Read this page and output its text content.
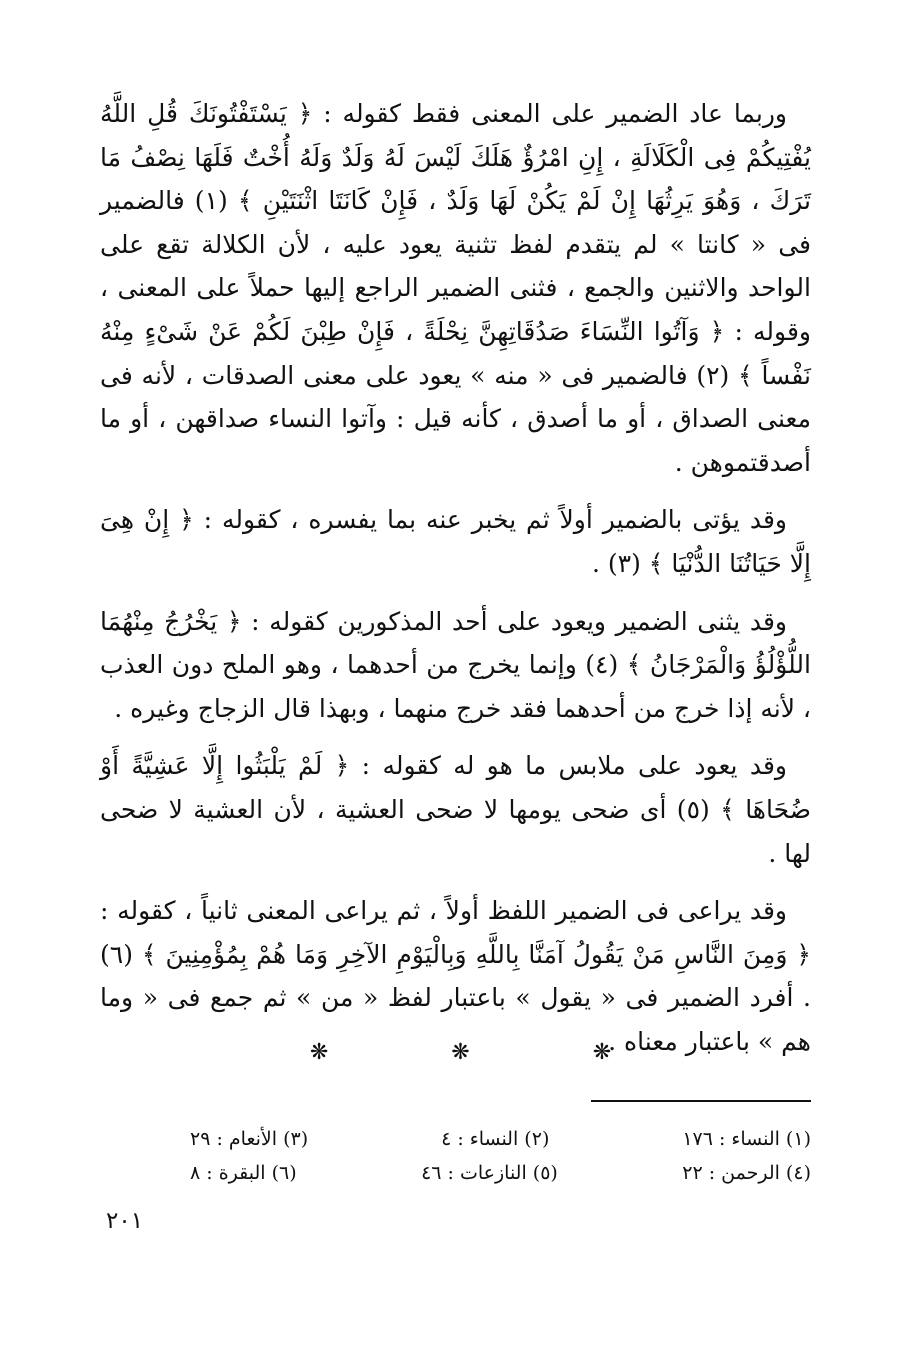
وربما عاد الضمير على المعنى فقط كقوله : ﴿ يَسْتَفْتُونَكَ قُلِ اللَّهُ يُفْتِيكُمْ فِى الْكَلَالَةِ ، إِنِ امْرُؤٌ هَلَكَ لَيْسَ لَهُ وَلَدٌ وَلَهُ أُخْتٌ فَلَهَا نِصْفُ مَا تَرَكَ ، وَهُوَ يَرِثُهَا إِنْ لَمْ يَكُنْ لَهَا وَلَدٌ ، فَإِنْ كَانَتَا اثْنَتَيْنِ ﴾ (١) فالضمير فى « كانتا » لم يتقدم لفظ تثنية يعود عليه ، لأن الكلالة تقع على الواحد والاثنين والجمع ، فثنى الضمير الراجع إليها حملاً على المعنى ، وقوله : ﴿ وَآتُوا النِّسَاءَ صَدُقَاتِهِنَّ نِحْلَةً ، فَإِنْ طِبْنَ لَكُمْ عَنْ شَىْءٍ مِنْهُ نَفْساً ﴾ (٢) فالضمير فى « منه » يعود على معنى الصدقات ، لأنه فى معنى الصداق ، أو ما أصدق ، كأنه قيل : وآتوا النساء صداقهن ، أو ما أصدقتموهن .

وقد يؤتى بالضمير أولاً ثم يخبر عنه بما يفسره ، كقوله : ﴿ إِنْ هِىَ إِلَّا حَيَاتُنَا الدُّنْيَا ﴾ (٣) .

وقد يثنى الضمير ويعود على أحد المذكورين كقوله : ﴿ يَخْرُجُ مِنْهُمَا اللُّؤْلُؤُ وَالْمَرْجَانُ ﴾ (٤) وإنما يخرج من أحدهما ، وهو الملح دون العذب ، لأنه إذا خرج من أحدهما فقد خرج منهما ، وبهذا قال الزجاج وغيره .

وقد يعود على ملابس ما هو له كقوله : ﴿ لَمْ يَلْبَثُوا إِلَّا عَشِيَّةً أَوْ ضُحَاهَا ﴾ (٥) أى ضحى يومها لا ضحى العشية ، لأن العشية لا ضحى لها .

وقد يراعى فى الضمير اللفظ أولاً ، ثم يراعى المعنى ثانياً ، كقوله : ﴿ وَمِنَ النَّاسِ مَنْ يَقُولُ آمَنَّا بِاللَّهِ وَبِالْيَوْمِ الآخِرِ وَمَا هُمْ بِمُؤْمِنِينَ ﴾ (٦) . أفرد الضمير فى « يقول » باعتبار لفظ « من » ثم جمع فى « وما هم » باعتبار معناه .

❋ ❋ ❋
(١) النساء : ١٧٦
(٢) النساء : ٤
(٣) الأنعام : ٢٩
(٤) الرحمن : ٢٢
(٥) النازعات : ٤٦
(٦) البقرة : ٨
٢٠١
